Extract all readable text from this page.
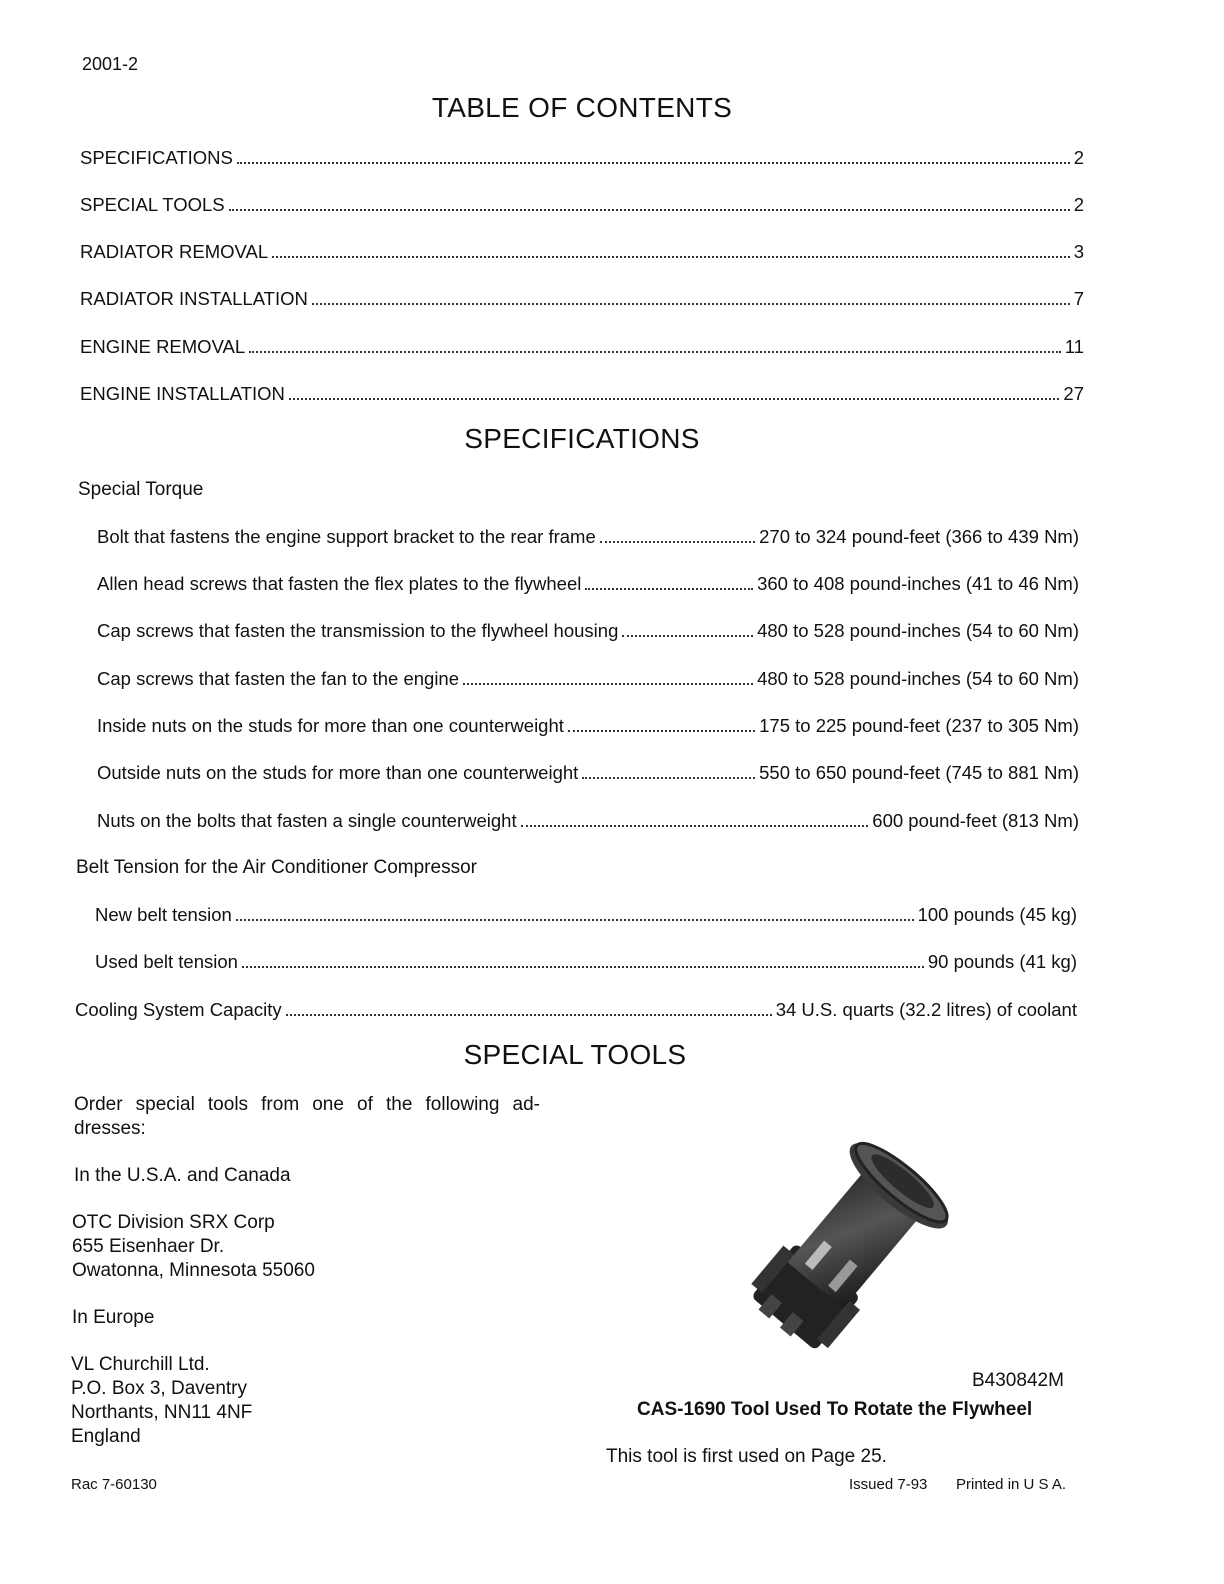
2001-2
TABLE OF CONTENTS
SPECIFICATIONS	2
SPECIAL TOOLS	2
RADIATOR REMOVAL	3
RADIATOR INSTALLATION	7
ENGINE REMOVAL	11
ENGINE INSTALLATION	27
SPECIFICATIONS
Special Torque
Bolt that fastens the engine support bracket to the rear frame	270 to 324 pound-feet (366 to 439 Nm)
Allen head screws that fasten the flex plates to the flywheel	360 to 408 pound-inches (41 to 46 Nm)
Cap screws that fasten the transmission to the flywheel housing	480 to 528 pound-inches (54 to 60 Nm)
Cap screws that fasten the fan to the engine	480 to 528 pound-inches (54 to 60 Nm)
Inside nuts on the studs for more than one counterweight	175 to 225 pound-feet (237 to 305 Nm)
Outside nuts on the studs for more than one counterweight	550 to 650 pound-feet (745 to 881 Nm)
Nuts on the bolts that fasten a single counterweight	600 pound-feet (813 Nm)
Belt Tension for the Air Conditioner Compressor
New belt tension	100 pounds (45 kg)
Used belt tension	90 pounds (41 kg)
Cooling System Capacity	34 U.S. quarts (32.2 litres) of coolant
SPECIAL TOOLS
Order special tools from one of the following ad-
dresses:
In the U.S.A. and Canada
OTC Division SRX Corp
655 Eisenhaer Dr.
Owatonna, Minnesota 55060
In Europe
VL Churchill Ltd.
P.O. Box 3, Daventry
Northants, NN11 4NF
England
B430842M
CAS-1690 Tool Used To Rotate the Flywheel
This tool is first used on Page 25.
Rac 7-60130	Issued 7-93 Printed in U S A.
